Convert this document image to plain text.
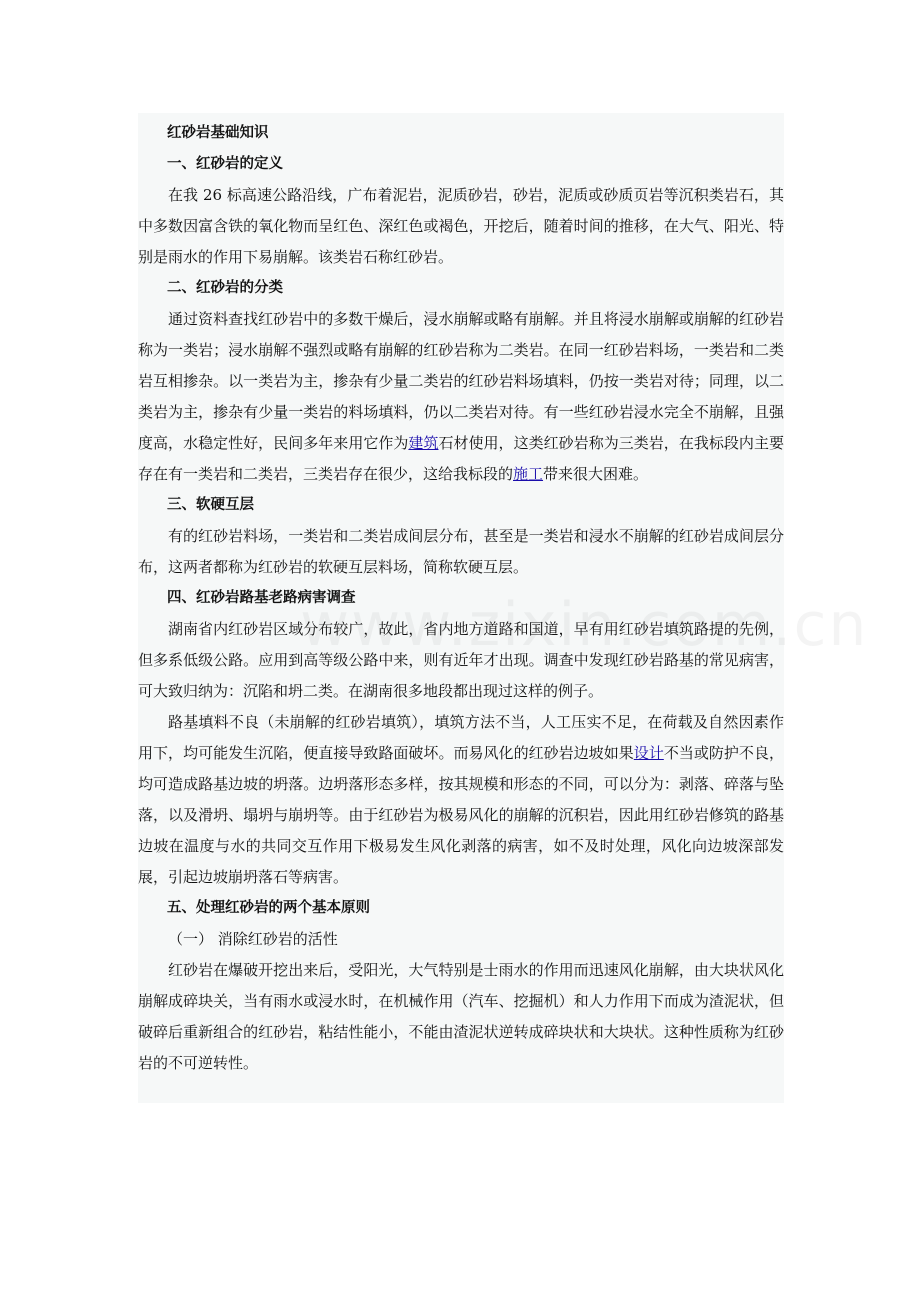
红砂岩基础知识

一、红砂岩的定义

在我 26 标高速公路沿线，广布着泥岩，泥质砂岩，砂岩，泥质或砂质页岩等沉积类岩石，其中多数因富含铁的氧化物而呈红色、深红色或褐色，开挖后，随着时间的推移，在大气、阳光、特别是雨水的作用下易崩解。该类岩石称红砂岩。

二、红砂岩的分类

通过资料查找红砂岩中的多数干燥后，浸水崩解或略有崩解。并且将浸水崩解或崩解的红砂岩称为一类岩；浸水崩解不强烈或略有崩解的红砂岩称为二类岩。在同一红砂岩料场，一类岩和二类岩互相掺杂。以一类岩为主，掺杂有少量二类岩的红砂岩料场填料，仍按一类岩对待；同理，以二类岩为主，掺杂有少量一类岩的料场填料，仍以二类岩对待。有一些红砂岩浸水完全不崩解，且强度高，水稳定性好，民间多年来用它作为建筑石材使用，这类红砂岩称为三类岩，在我标段内主要存在有一类岩和二类岩，三类岩存在很少，这给我标段的施工带来很大困难。

三、软硬互层

有的红砂岩料场，一类岩和二类岩成间层分布，甚至是一类岩和浸水不崩解的红砂岩成间层分布，这两者都称为红砂岩的软硬互层料场，简称软硬互层。

四、红砂岩路基老路病害调查

湖南省内红砂岩区域分布较广，故此，省内地方道路和国道，早有用红砂岩填筑路提的先例，但多系低级公路。应用到高等级公路中来，则有近年才出现。调查中发现红砂岩路基的常见病害，可大致归纳为：沉陷和坍二类。在湖南很多地段都出现过这样的例子。

路基填料不良（未崩解的红砂岩填筑），填筑方法不当，人工压实不足，在荷载及自然因素作用下，均可能发生沉陷，便直接导致路面破坏。而易风化的红砂岩边坡如果设计不当或防护不良，均可造成路基边坡的坍落。边坍落形态多样，按其规模和形态的不同，可以分为：剥落、碎落与坠落，以及滑坍、塌坍与崩坍等。由于红砂岩为极易风化的崩解的沉积岩，因此用红砂岩修筑的路基边坡在温度与水的共同交互作用下极易发生风化剥落的病害，如不及时处理，风化向边坡深部发展，引起边坡崩坍落石等病害。

五、处理红砂岩的两个基本原则

（一） 消除红砂岩的活性

红砂岩在爆破开挖出来后，受阳光，大气特别是士雨水的作用而迅速风化崩解，由大块状风化崩解成碎块关，当有雨水或浸水时，在机械作用（汽车、挖掘机）和人力作用下而成为渣泥状，但破碎后重新组合的红砂岩，粘结性能小，不能由渣泥状逆转成碎块状和大块状。这种性质称为红砂岩的不可逆转性。
